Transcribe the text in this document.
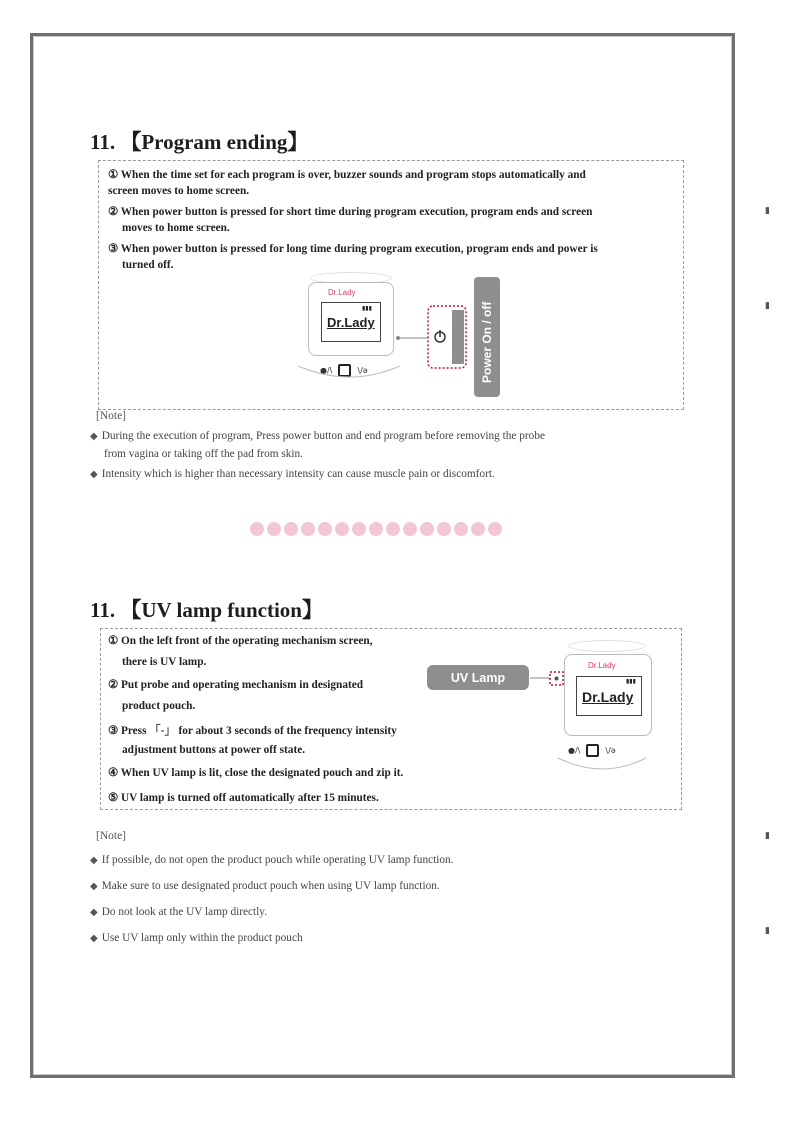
11. 【Program ending】
① When the time set for each program is over, buzzer sounds and program stops automatically and
screen moves to home screen.
② When power button is pressed for short time during program execution, program ends and screen
moves to home screen.
③ When power button is pressed for long time during program execution, program ends and power is
turned off.
Dr.Lady
▮▮▮
Dr.Lady
●/\	\/ǝ	Power On / off
[Note]
◆ During the execution of program, Press power button and end program before removing the probe
from vagina or taking off the pad from skin.
◆ Intensity which is higher than necessary intensity can cause muscle pain or discomfort.
11. 【UV lamp function】
① On the left front of the operating mechanism screen,
there is UV lamp.
② Put probe and operating mechanism in designated
product pouch.
③ Press 「-」 for about 3 seconds of the frequency intensity
adjustment buttons at power off state.
④ When UV lamp is lit, close the designated pouch and zip it.
⑤ UV lamp is turned off automatically after 15 minutes.
UV Lamp
Dr.Lady
▮▮▮
Dr.Lady
●/\	\/ǝ
[Note]
◆ If possible, do not open the product pouch while operating UV lamp function.
◆ Make sure to use designated product pouch when using UV lamp function.
◆ Do not look at the UV lamp directly.
◆ Use UV lamp only within the product pouch
▮
▮
▮
▮
